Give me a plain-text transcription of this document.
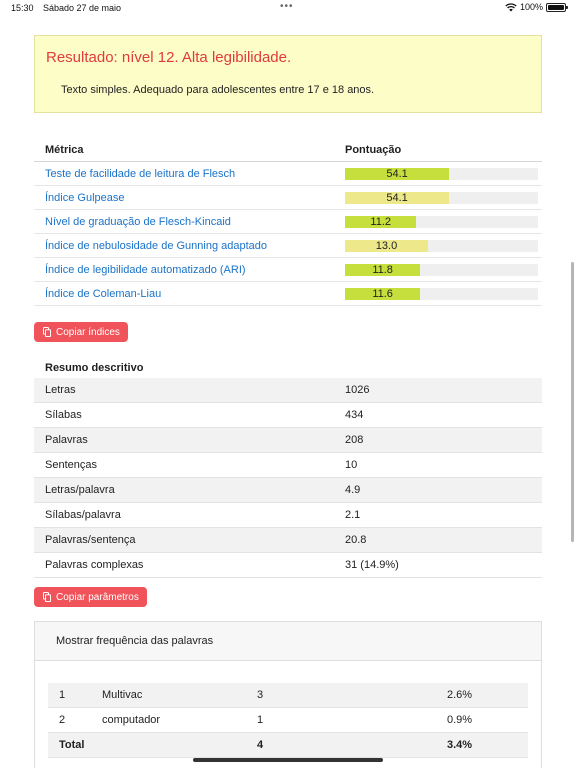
15:30 Sábado 27 de maio	•••	100%
Resultado: nível 12. Alta legibilidade.
Texto simples. Adequado para adolescentes entre 17 e 18 anos.
Métrica	Pontuação
Teste de facilidade de leitura de Flesch	54.1

Índice Gulpease	54.1

Nível de graduação de Flesch-Kincaid	11.2

Índice de nebulosidade de Gunning adaptado	13.0

Índice de legibilidade automatizado (ARI)	11.8

Índice de Coleman-Liau	11.6
Copiar índices
Resumo descritivo	
Letras	1026
Sílabas	434
Palavras	208
Sentenças	10
Letras/palavra	4.9
Sílabas/palavra	2.1
Palavras/sentença	20.8
Palavras complexas	31 (14.9%)
Copiar parâmetros
Mostrar frequência das palavras
1	Multivac	3	2.6%
2	computador	1	0.9%
Total		4	3.4%
